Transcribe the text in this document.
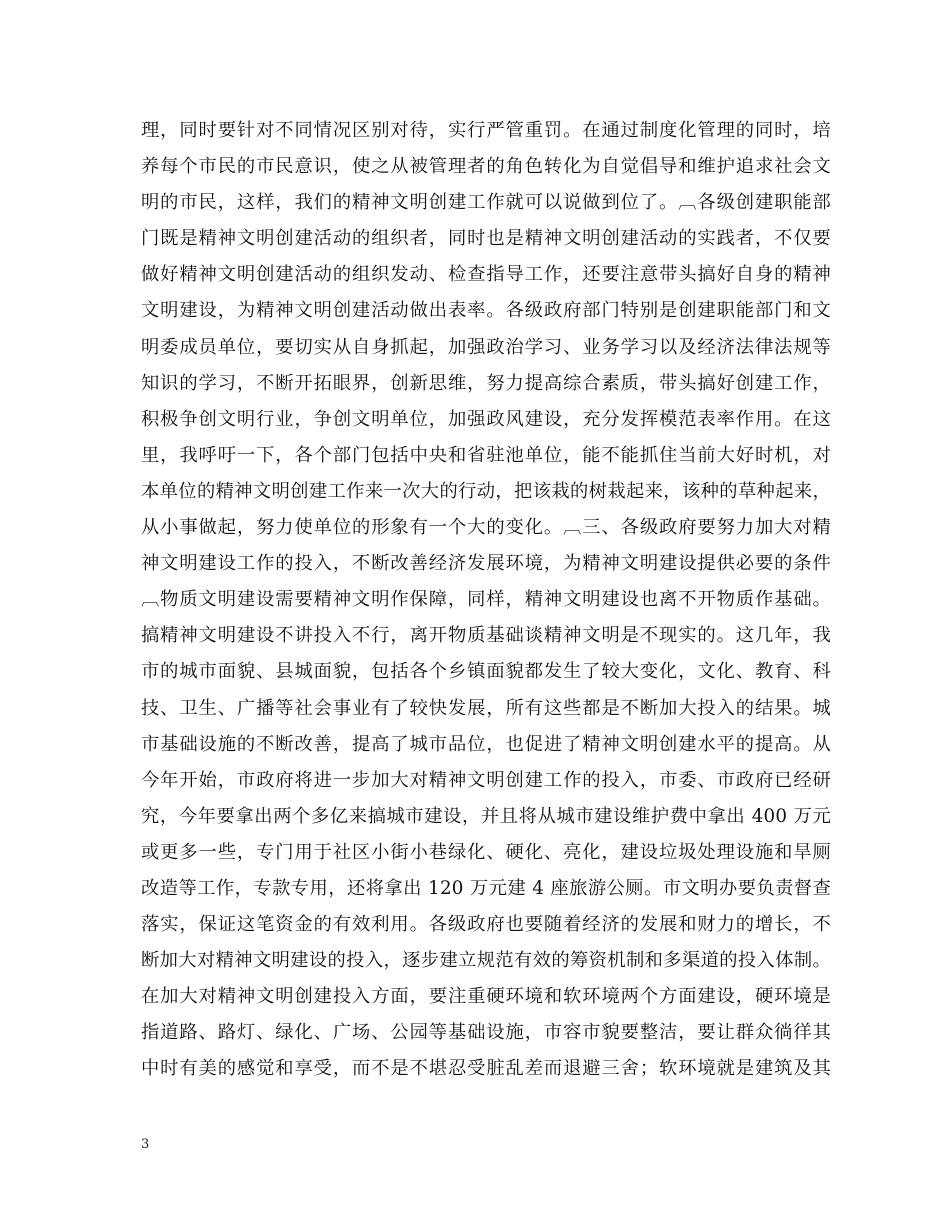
理，同时要针对不同情况区别对待，实行严管重罚。在通过制度化管理的同时，培
养每个市民的市民意识，使之从被管理者的角色转化为自觉倡导和维护追求社会文
明的市民，这样，我们的精神文明创建工作就可以说做到位了。︹各级创建职能部
门既是精神文明创建活动的组织者，同时也是精神文明创建活动的实践者，不仅要
做好精神文明创建活动的组织发动、检查指导工作，还要注意带头搞好自身的精神
文明建设，为精神文明创建活动做出表率。各级政府部门特别是创建职能部门和文
明委成员单位，要切实从自身抓起，加强政治学习、业务学习以及经济法律法规等
知识的学习，不断开拓眼界，创新思维，努力提高综合素质，带头搞好创建工作，
积极争创文明行业，争创文明单位，加强政风建设，充分发挥模范表率作用。在这
里，我呼吁一下，各个部门包括中央和省驻池单位，能不能抓住当前大好时机，对
本单位的精神文明创建工作来一次大的行动，把该栽的树栽起来，该种的草种起来，
从小事做起，努力使单位的形象有一个大的变化。︹三、各级政府要努力加大对精
神文明建设工作的投入，不断改善经济发展环境，为精神文明建设提供必要的条件
︹物质文明建设需要精神文明作保障，同样，精神文明建设也离不开物质作基础。
搞精神文明建设不讲投入不行，离开物质基础谈精神文明是不现实的。这几年，我
市的城市面貌、县城面貌，包括各个乡镇面貌都发生了较大变化，文化、教育、科
技、卫生、广播等社会事业有了较快发展，所有这些都是不断加大投入的结果。城
市基础设施的不断改善，提高了城市品位，也促进了精神文明创建水平的提高。从
今年开始，市政府将进一步加大对精神文明创建工作的投入，市委、市政府已经研
究，今年要拿出两个多亿来搞城市建设，并且将从城市建设维护费中拿出 400 万元
或更多一些，专门用于社区小街小巷绿化、硬化、亮化，建设垃圾处理设施和旱厕
改造等工作，专款专用，还将拿出 120 万元建 4 座旅游公厕。市文明办要负责督查
落实，保证这笔资金的有效利用。各级政府也要随着经济的发展和财力的增长，不
断加大对精神文明建设的投入，逐步建立规范有效的筹资机制和多渠道的投入体制。
在加大对精神文明创建投入方面，要注重硬环境和软环境两个方面建设，硬环境是
指道路、路灯、绿化、广场、公园等基础设施，市容市貌要整洁，要让群众徜徉其
中时有美的感觉和享受，而不是不堪忍受脏乱差而退避三舍；软环境就是建筑及其
3
